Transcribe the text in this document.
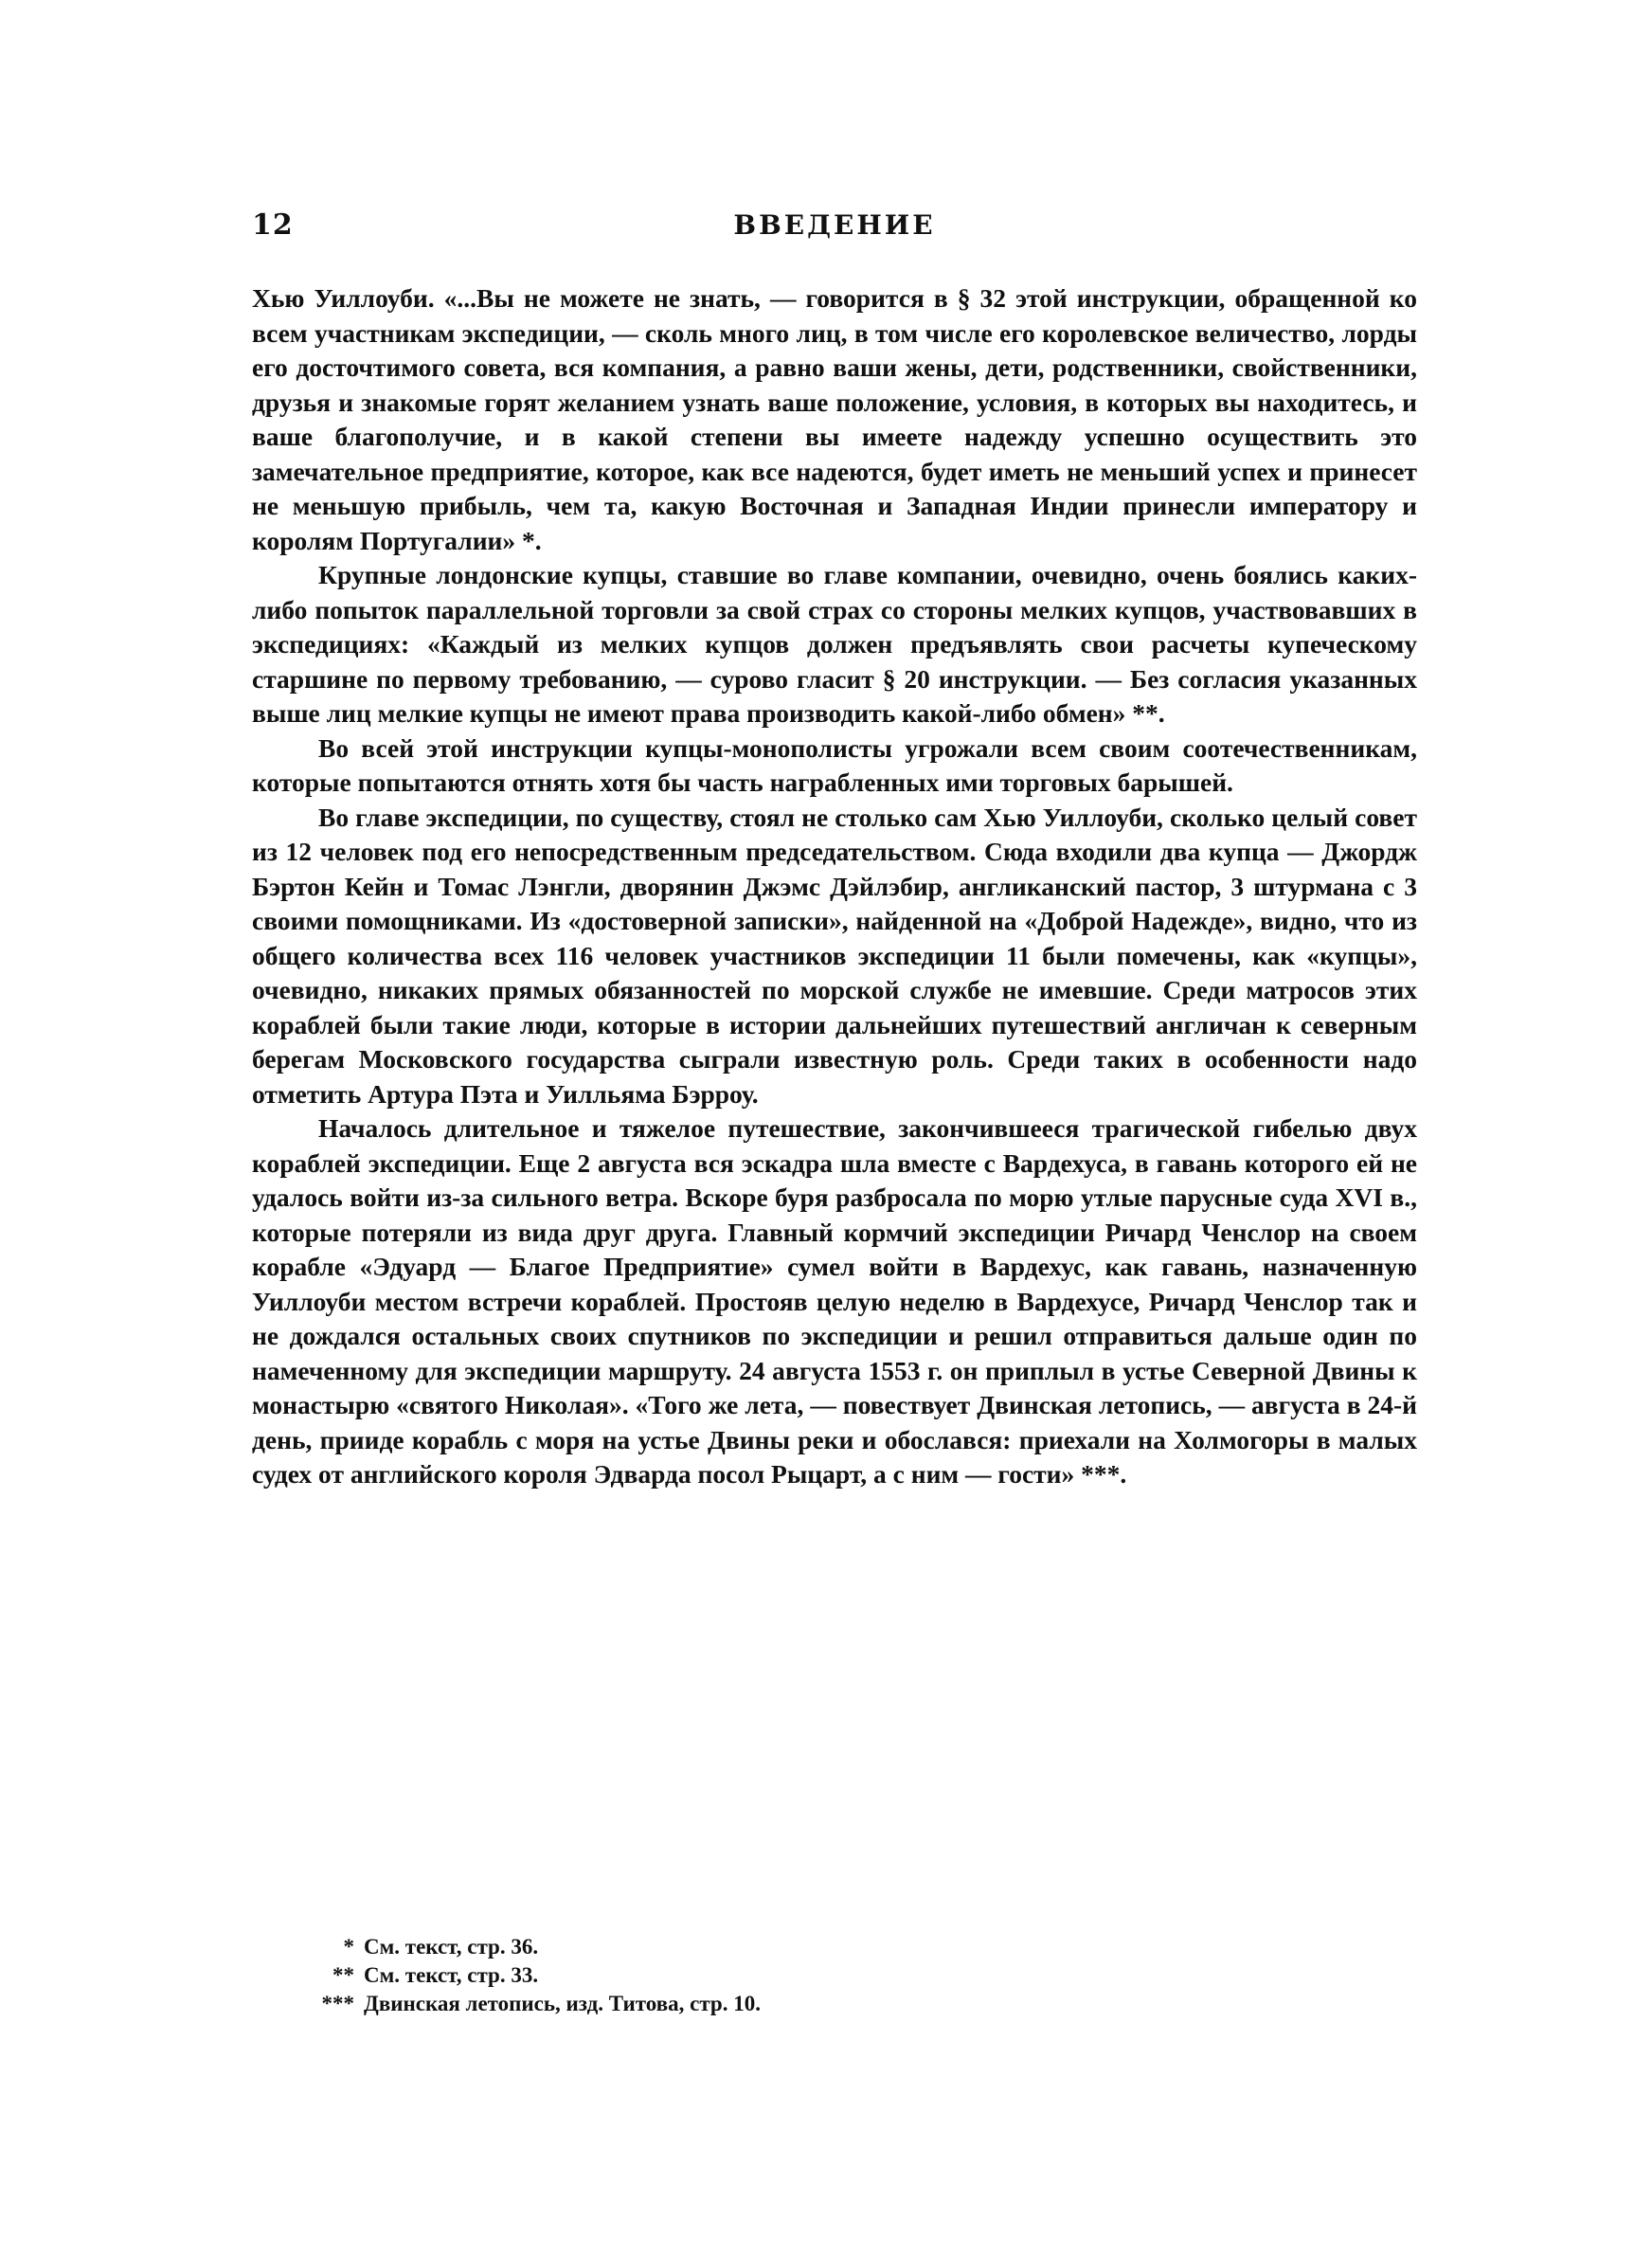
12	ВВЕДЕНИЕ

Хью Уиллоуби. «...Вы не можете не знать, — говорится в § 32 этой инструкции, обращенной ко всем участникам экспедиции, — сколь много лиц, в том числе его королевское величество, лорды его досточтимого совета, вся компания, а равно ваши жены, дети, родственники, свойственники, друзья и знакомые горят желанием узнать ваше положение, условия, в которых вы находитесь, и ваше благополучие, и в какой степени вы имеете надежду успешно осуществить это замечательное предприятие, которое, как все надеются, будет иметь не меньший успех и принесет не меньшую прибыль, чем та, какую Восточная и Западная Индии принесли императору и королям Португалии» *.

Крупные лондонские купцы, ставшие во главе компании, очевидно, очень боялись каких-либо попыток параллельной торговли за свой страх со стороны мелких купцов, участвовавших в экспедициях: «Каждый из мелких купцов должен предъявлять свои расчеты купеческому старшине по первому требованию, — сурово гласит § 20 инструкции. — Без согласия указанных выше лиц мелкие купцы не имеют права производить какой-либо обмен» **.

Во всей этой инструкции купцы-монополисты угрожали всем своим соотечественникам, которые попытаются отнять хотя бы часть награбленных ими торговых барышей.

Во главе экспедиции, по существу, стоял не столько сам Хью Уиллоуби, сколько целый совет из 12 человек под его непосредственным председательством. Сюда входили два купца — Джордж Бэртон Кейн и Томас Лэнгли, дворянин Джэмс Дэйлэбир, англиканский пастор, 3 штурмана с 3 своими помощниками. Из «достоверной записки», найденной на «Доброй Надежде», видно, что из общего количества всех 116 человек участников экспедиции 11 были помечены, как «купцы», очевидно, никаких прямых обязанностей по морской службе не имевшие. Среди матросов этих кораблей были такие люди, которые в истории дальнейших путешествий англичан к северным берегам Московского государства сыграли известную роль. Среди таких в особенности надо отметить Артура Пэта и Уилльяма Бэрроу.

Началось длительное и тяжелое путешествие, закончившееся трагической гибелью двух кораблей экспедиции. Еще 2 августа вся эскадра шла вместе с Вардехуса, в гавань которого ей не удалось войти из-за сильного ветра. Вскоре буря разбросала по морю утлые парусные суда XVI в., которые потеряли из вида друг друга. Главный кормчий экспедиции Ричард Ченслор на своем корабле «Эдуард — Благое Предприятие» сумел войти в Вардехус, как гавань, назначенную Уиллоуби местом встречи кораблей. Простояв целую неделю в Вардехусе, Ричард Ченслор так и не дождался остальных своих спутников по экспедиции и решил отправиться дальше один по намеченному для экспедиции маршруту. 24 августа 1553 г. он приплыл в устье Северной Двины к монастырю «святого Николая». «Того же лета, — повествует Двинская летопись, — августа в 24-й день, прииде корабль с моря на устье Двины реки и обослався: приехали на Холмогоры в малых судех от английского короля Эдварда посол Рыцарт, а с ним — гости» ***.

* См. текст, стр. 36.
** См. текст, стр. 33.
*** Двинская летопись, изд. Титова, стр. 10.
